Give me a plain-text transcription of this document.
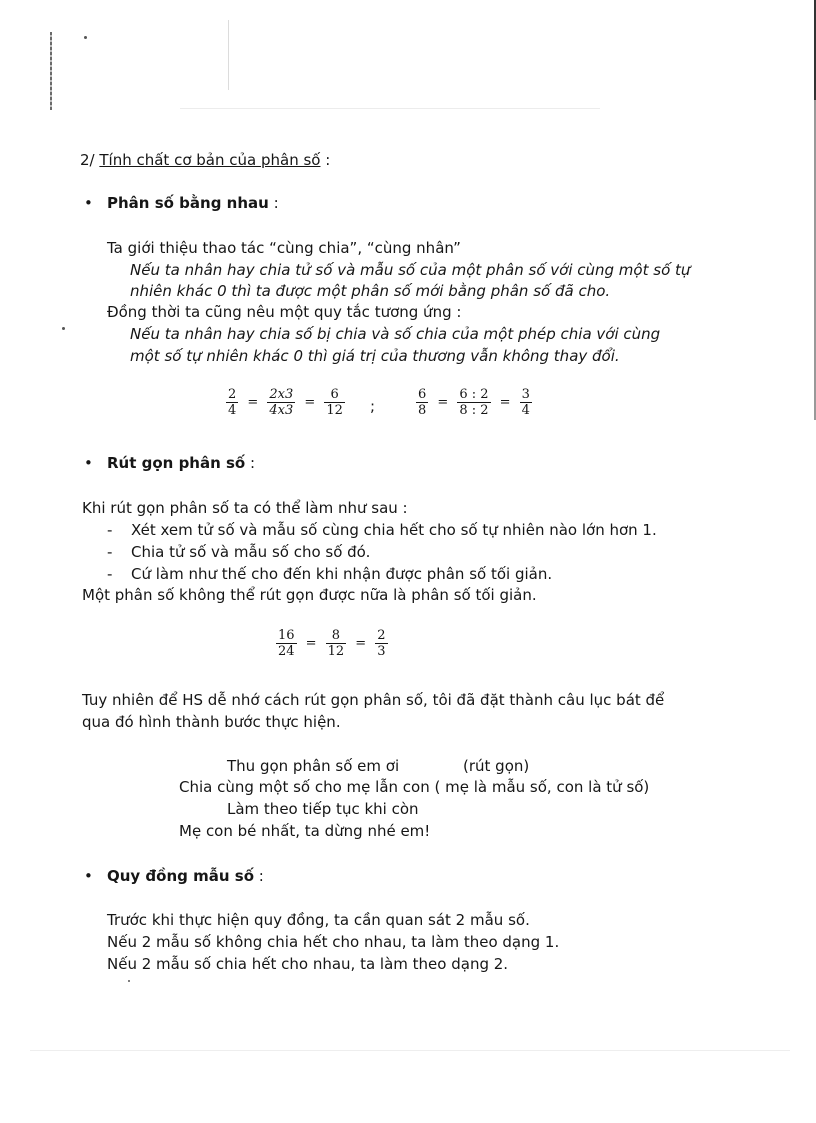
2/ Tính chất cơ bản của phân số :
• Phân số bằng nhau :
Ta giới thiệu thao tác “cùng chia”, “cùng nhân”
Nếu ta nhân hay chia tử số và mẫu số của một phân số với cùng một số tự
nhiên khác 0 thì ta được một phân số mới bằng phân số đã cho.
Đồng thời ta cũng nêu một quy tắc tương ứng :
Nếu ta nhân hay chia số bị chia và số chia của một phép chia với cùng
một số tự nhiên khác 0 thì giá trị của thương vẫn không thay đổi.
$\frac{2}{4} = \frac{2x3}{4x3} = \frac{6}{12}$ ;	$\frac{6}{8} = \frac{6 : 2}{8 : 2} = \frac{3}{4}$
• Rút gọn phân số :
Khi rút gọn phân số ta có thể làm như sau :
- Xét xem tử số và mẫu số cùng chia hết cho số tự nhiên nào lớn hơn 1.
- Chia tử số và mẫu số cho số đó.
- Cứ làm như thế cho đến khi nhận được phân số tối giản.
Một phân số không thể rút gọn được nữa là phân số tối giản.
$\frac{16}{24} = \frac{8}{12} = \frac{2}{3}$
Tuy nhiên để HS dễ nhớ cách rút gọn phân số, tôi đã đặt thành câu lục bát để
qua đó hình thành bước thực hiện.
Thu gọn phân số em ơi	(rút gọn)
Chia cùng một số cho mẹ lẫn con ( mẹ là mẫu số, con là tử số)
Làm theo tiếp tục khi còn
Mẹ con bé nhất, ta dừng nhé em!
• Quy đồng mẫu số :
Trước khi thực hiện quy đồng, ta cần quan sát 2 mẫu số.
Nếu 2 mẫu số không chia hết cho nhau, ta làm theo dạng 1.
Nếu 2 mẫu số chia hết cho nhau, ta làm theo dạng 2.
